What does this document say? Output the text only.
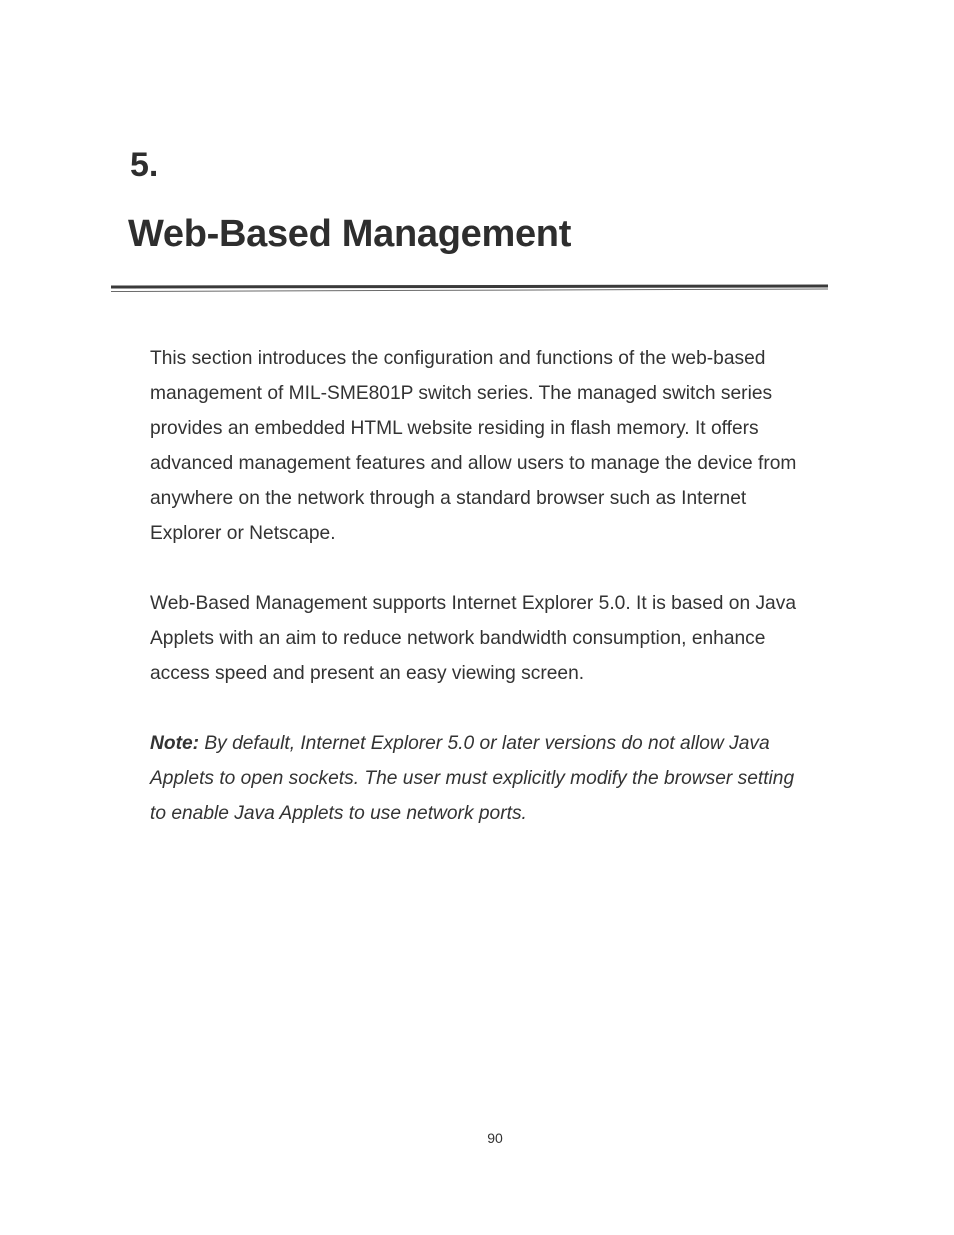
5.
Web-Based Management

This section introduces the configuration and functions of the web-based
management of MIL-SME801P switch series. The managed switch series
provides an embedded HTML website residing in flash memory. It offers
advanced management features and allow users to manage the device from
anywhere on the network through a standard browser such as Internet
Explorer or Netscape.

Web-Based Management supports Internet Explorer 5.0. It is based on Java
Applets with an aim to reduce network bandwidth consumption, enhance
access speed and present an easy viewing screen.

Note: By default, Internet Explorer 5.0 or later versions do not allow Java
Applets to open sockets. The user must explicitly modify the browser setting
to enable Java Applets to use network ports.

90
